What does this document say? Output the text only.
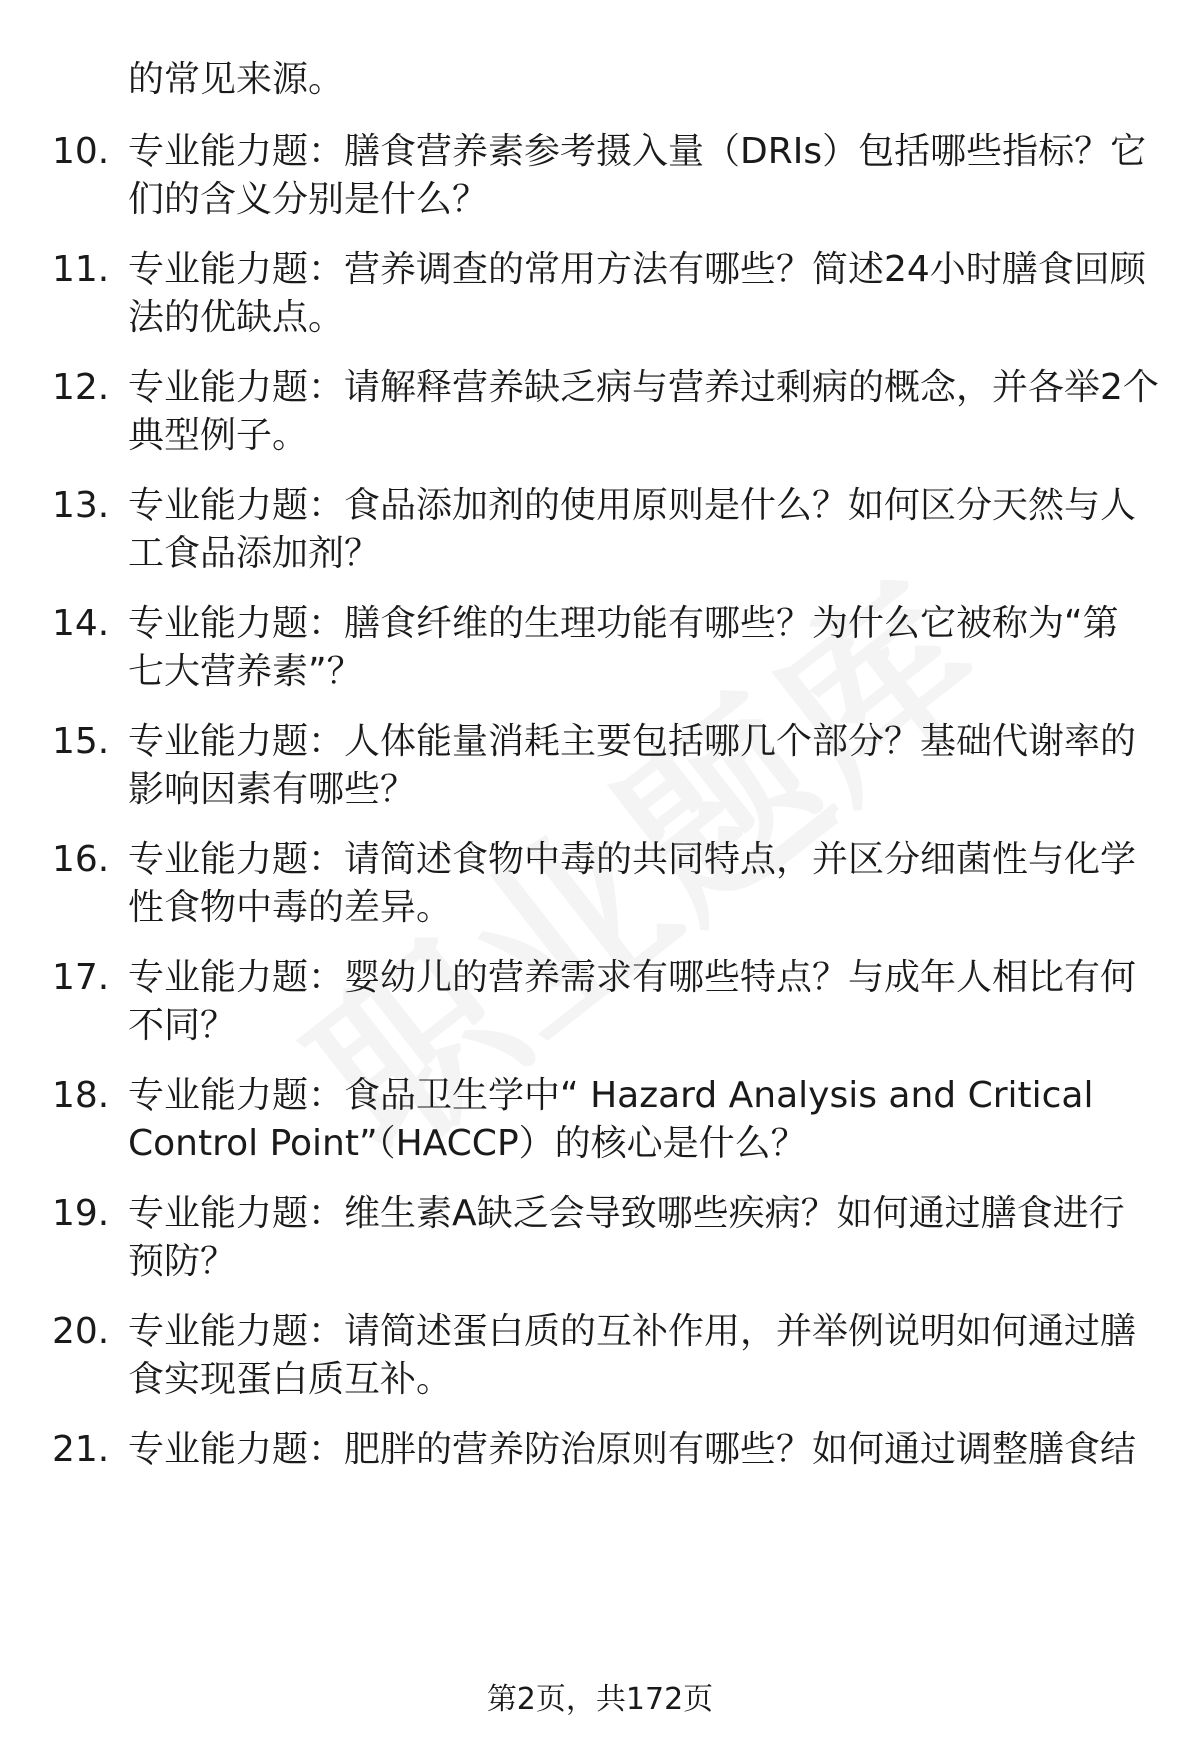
的常见来源。
10. 专业能力题：膳食营养素参考摄入量（DRIs）包括哪些指标？它
们的含义分别是什么？
11. 专业能力题：营养调查的常用方法有哪些？简述24小时膳食回顾
法的优缺点。
12. 专业能力题：请解释营养缺乏病与营养过剩病的概念，并各举2个
典型例子。
13. 专业能力题：食品添加剂的使用原则是什么？如何区分天然与人
工食品添加剂？
14. 专业能力题：膳食纤维的生理功能有哪些？为什么它被称为“第
七大营养素”？
15. 专业能力题：人体能量消耗主要包括哪几个部分？基础代谢率的
影响因素有哪些？
16. 专业能力题：请简述食物中毒的共同特点，并区分细菌性与化学
性食物中毒的差异。
17. 专业能力题：婴幼儿的营养需求有哪些特点？与成年人相比有何
不同？
18. 专业能力题：食品卫生学中“ Hazard Analysis and Critical
Control Point”（HACCP）的核心是什么？
19. 专业能力题：维生素A缺乏会导致哪些疾病？如何通过膳食进行
预防？
20. 专业能力题：请简述蛋白质的互补作用，并举例说明如何通过膳
食实现蛋白质互补。
21. 专业能力题：肥胖的营养防治原则有哪些？如何通过调整膳食结
第2页，共172页
